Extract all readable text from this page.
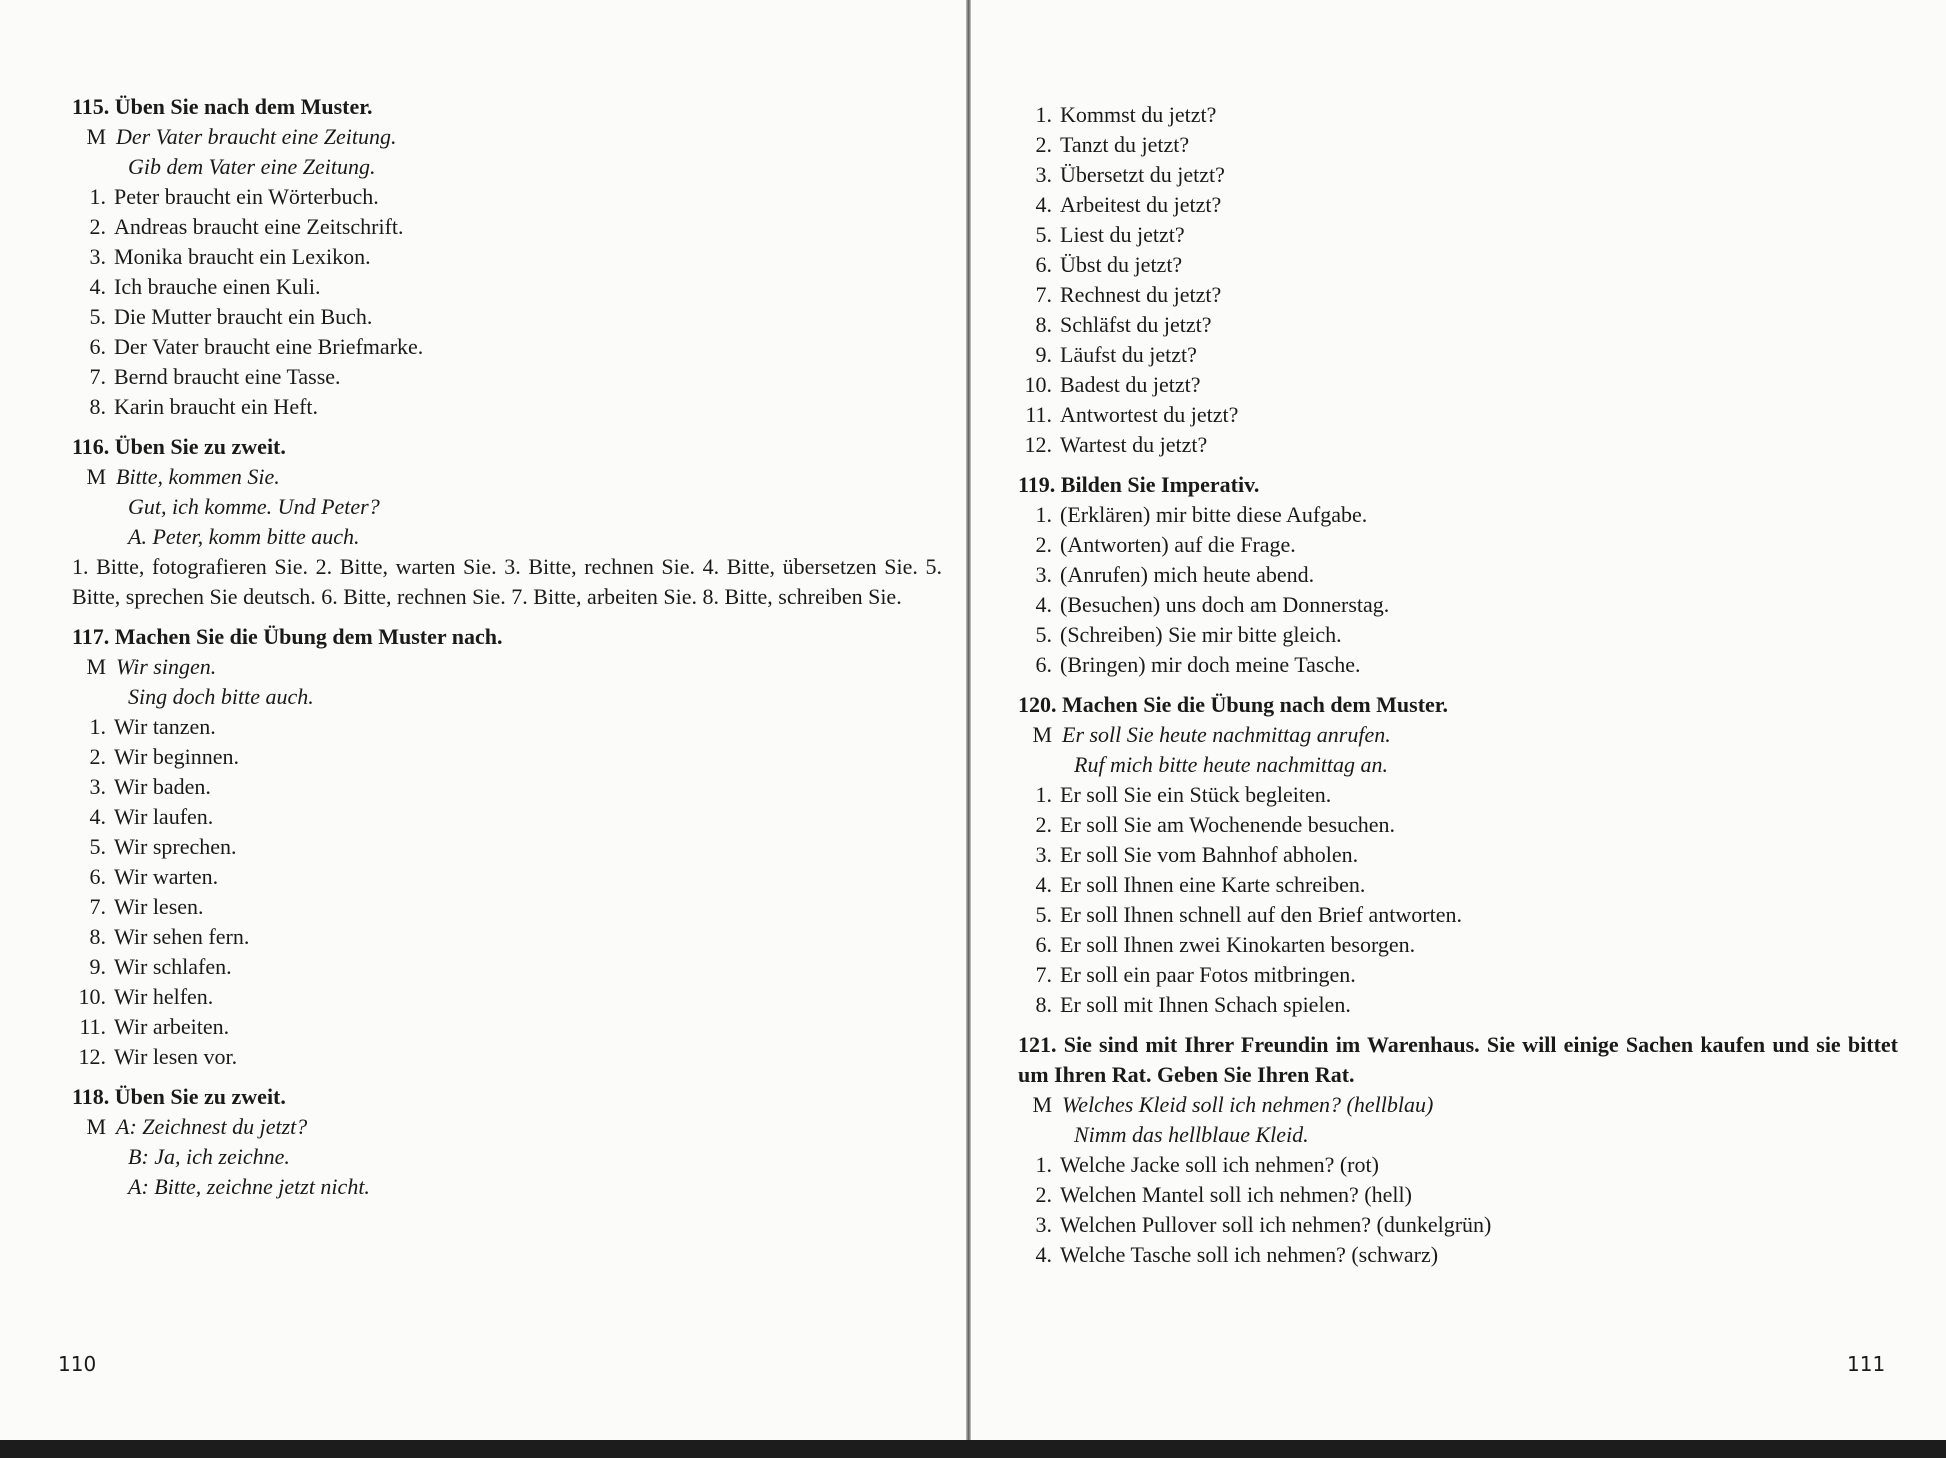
115. Üben Sie nach dem Muster.

M Der Vater braucht eine Zeitung.
Gib dem Vater eine Zeitung.
1. Peter braucht ein Wörterbuch.
2. Andreas braucht eine Zeitschrift.
3. Monika braucht ein Lexikon.
4. Ich brauche einen Kuli.
5. Die Mutter braucht ein Buch.
6. Der Vater braucht eine Briefmarke.
7. Bernd braucht eine Tasse.
8. Karin braucht ein Heft.

116. Üben Sie zu zweit.

M Bitte, kommen Sie.
Gut, ich komme. Und Peter?
A. Peter, komm bitte auch.
1. Bitte, fotografieren Sie. 2. Bitte, warten Sie. 3. Bitte, rechnen Sie. 4. Bitte, übersetzen Sie. 5. Bitte, sprechen Sie deutsch. 6. Bitte, rechnen Sie. 7. Bitte, arbeiten Sie. 8. Bitte, schreiben Sie.

117. Machen Sie die Übung dem Muster nach.

M Wir singen.
Sing doch bitte auch.
1. Wir tanzen.
2. Wir beginnen.
3. Wir baden.
4. Wir laufen.
5. Wir sprechen.
6. Wir warten.
7. Wir lesen.
8. Wir sehen fern.
9. Wir schlafen.
10. Wir helfen.
11. Wir arbeiten.
12. Wir lesen vor.

118. Üben Sie zu zweit.

M A: Zeichnest du jetzt?
B: Ja, ich zeichne.
A: Bitte, zeichne jetzt nicht.
110
1. Kommst du jetzt?
2. Tanzt du jetzt?
3. Übersetzt du jetzt?
4. Arbeitest du jetzt?
5. Liest du jetzt?
6. Übst du jetzt?
7. Rechnest du jetzt?
8. Schläfst du jetzt?
9. Läufst du jetzt?
10. Badest du jetzt?
11. Antwortest du jetzt?
12. Wartest du jetzt?

119. Bilden Sie Imperativ.

1. (Erklären) mir bitte diese Aufgabe.
2. (Antworten) auf die Frage.
3. (Anrufen) mich heute abend.
4. (Besuchen) uns doch am Donnerstag.
5. (Schreiben) Sie mir bitte gleich.
6. (Bringen) mir doch meine Tasche.

120. Machen Sie die Übung nach dem Muster.

M Er soll Sie heute nachmittag anrufen.
Ruf mich bitte heute nachmittag an.
1. Er soll Sie ein Stück begleiten.
2. Er soll Sie am Wochenende besuchen.
3. Er soll Sie vom Bahnhof abholen.
4. Er soll Ihnen eine Karte schreiben.
5. Er soll Ihnen schnell auf den Brief antworten.
6. Er soll Ihnen zwei Kinokarten besorgen.
7. Er soll ein paar Fotos mitbringen.
8. Er soll mit Ihnen Schach spielen.

121. Sie sind mit Ihrer Freundin im Warenhaus. Sie will einige Sachen kaufen und sie bittet um Ihren Rat. Geben Sie Ihren Rat.

M Welches Kleid soll ich nehmen? (hellblau)
Nimm das hellblaue Kleid.
1. Welche Jacke soll ich nehmen? (rot)
2. Welchen Mantel soll ich nehmen? (hell)
3. Welchen Pullover soll ich nehmen? (dunkelgrün)
4. Welche Tasche soll ich nehmen? (schwarz)
111
